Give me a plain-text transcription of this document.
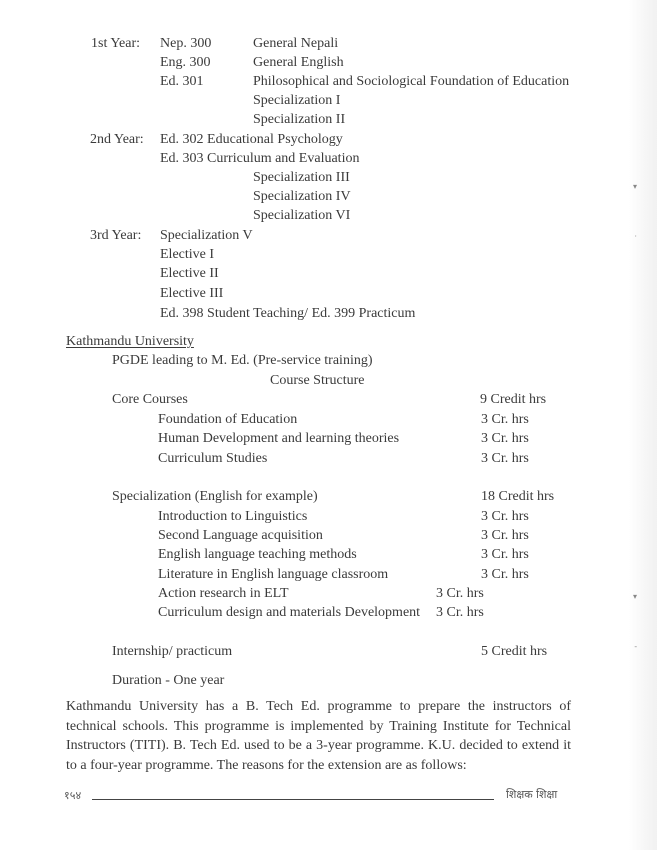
▾
·
▾
-
1st Year: Nep. 300	General Nepali
Eng. 300	General English
Ed. 301	Philosophical and Sociological Foundation of Education
Specialization I
Specialization II
2nd Year: Ed. 302 Educational Psychology
Ed. 303 Curriculum and Evaluation
Specialization III
Specialization IV
Specialization VI
3rd Year: Specialization V
Elective I
Elective II
Elective III
Ed. 398 Student Teaching/ Ed. 399 Practicum
Kathmandu University
PGDE leading to M. Ed. (Pre-service training)
Course Structure
Core Courses	9 Credit hrs
Foundation of Education	3 Cr. hrs
Human Development and learning theories	3 Cr. hrs
Curriculum Studies	3 Cr. hrs
Specialization (English for example)	18 Credit hrs
Introduction to Linguistics	3 Cr. hrs
Second Language acquisition	3 Cr. hrs
English language teaching methods	3 Cr. hrs
Literature in English language classroom	3 Cr. hrs
Action research in ELT	3 Cr. hrs
Curriculum design and materials Development 3 Cr. hrs
Internship/ practicum	5 Credit hrs
Duration - One year

Kathmandu University has a B. Tech Ed. programme to prepare the instructors of technical schools. This programme is implemented by Training Institute for Technical Instructors (TITI). B. Tech Ed. used to be a 3-year programme. K.U. decided to extend it to a four-year programme. The reasons for the extension are as follows:

१५४	शिक्षक शिक्षा
